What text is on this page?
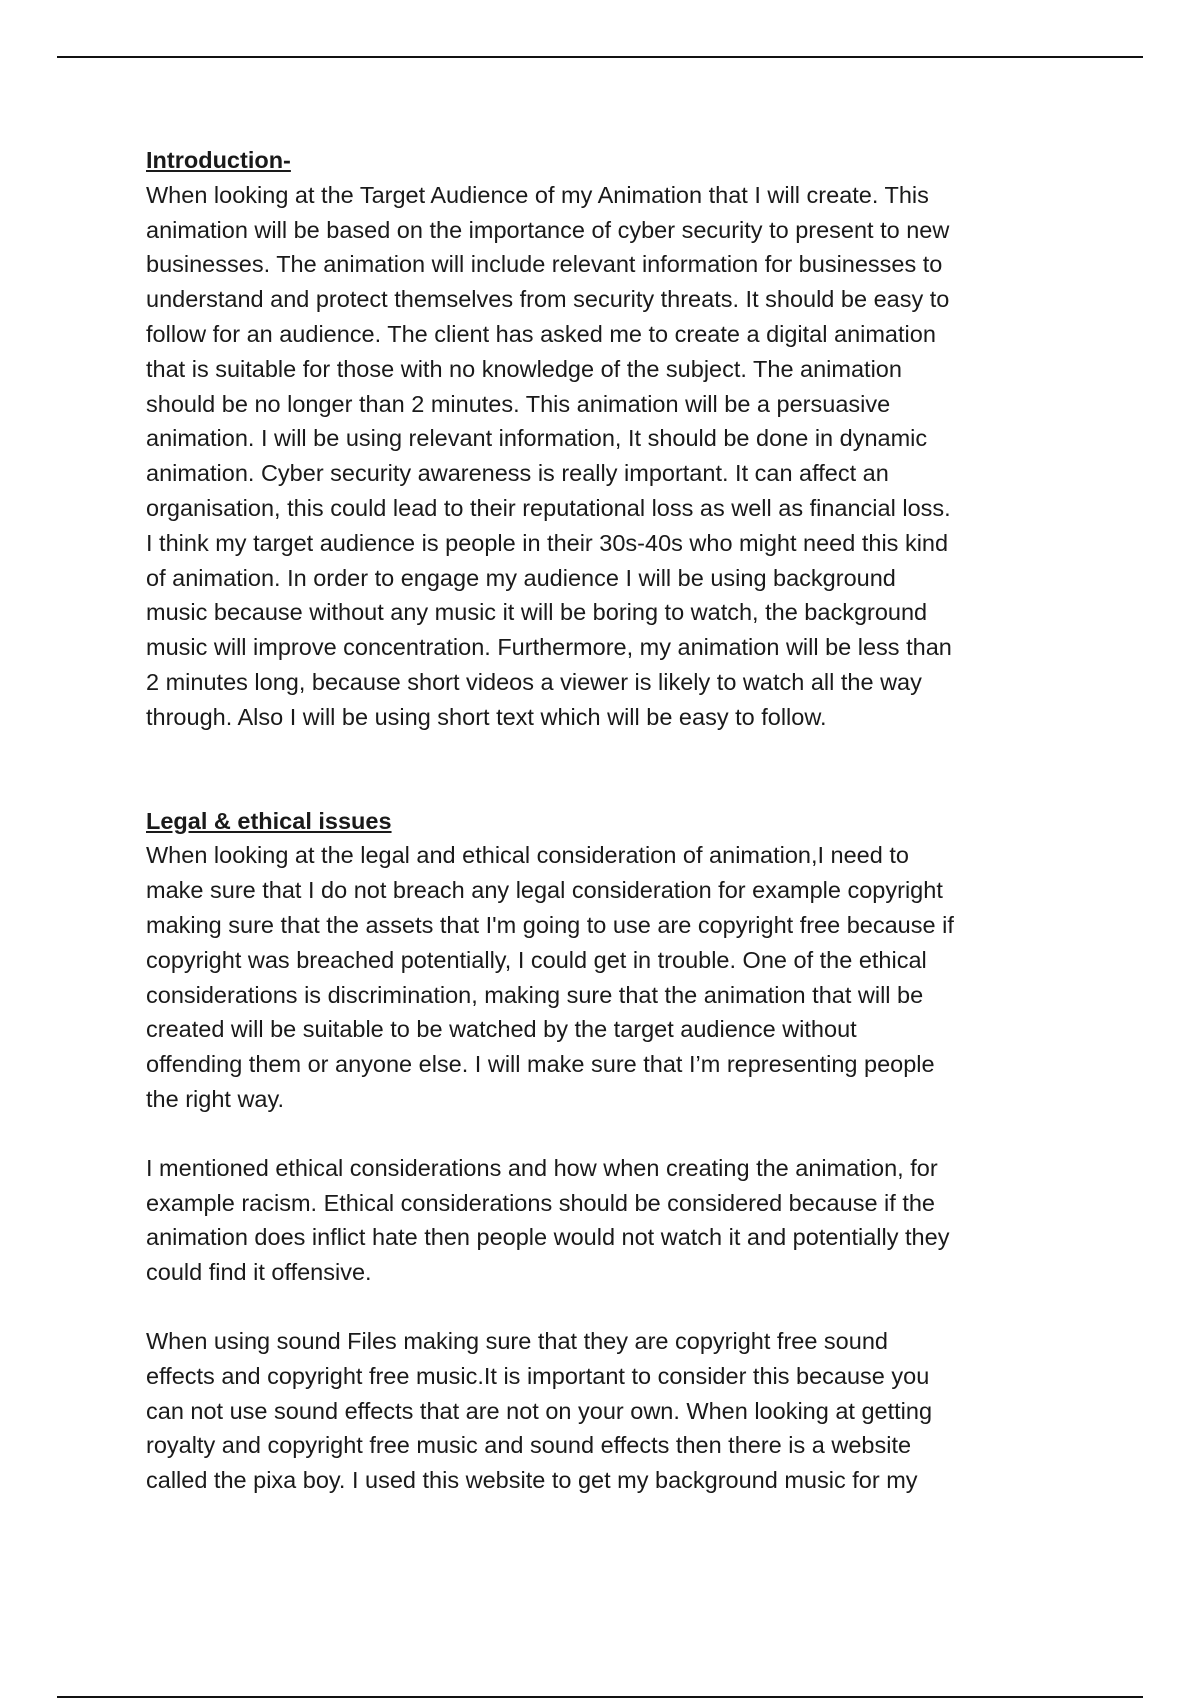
Introduction-

When looking at the Target Audience of my Animation that I will create. This
animation will be based on the importance of cyber security to present to new
businesses. The animation will include relevant information for businesses to
understand and protect themselves from security threats. It should be easy to
follow for an audience. The client has asked me to create a digital animation
that is suitable for those with no knowledge of the subject. The animation
should be no longer than 2 minutes. This animation will be a persuasive
animation. I will be using relevant information, It should be done in dynamic
animation. Cyber security awareness is really important. It can affect an
organisation, this could lead to their reputational loss as well as financial loss.
I think my target audience is people in their 30s-40s who might need this kind
of animation. In order to engage my audience I will be using background
music because without any music it will be boring to watch, the background
music will improve concentration. Furthermore, my animation will be less than
2 minutes long, because short videos a viewer is likely to watch all the way
through. Also I will be using short text which will be easy to follow.

Legal & ethical issues

When looking at the legal and ethical consideration of animation,I need to
make sure that I do not breach any legal consideration for example copyright
making sure that the assets that I'm going to use are copyright free because if
copyright was breached potentially, I could get in trouble. One of the ethical
considerations is discrimination, making sure that the animation that will be
created will be suitable to be watched by the target audience without
offending them or anyone else. I will make sure that I’m representing people
the right way.

I mentioned ethical considerations and how when creating the animation, for
example racism. Ethical considerations should be considered because if the
animation does inflict hate then people would not watch it and potentially they
could find it offensive.

When using sound Files making sure that they are copyright free sound
effects and copyright free music.It is important to consider this because you
can not use sound effects that are not on your own. When looking at getting
royalty and copyright free music and sound effects then there is a website
called the pixa boy. I used this website to get my background music for my
